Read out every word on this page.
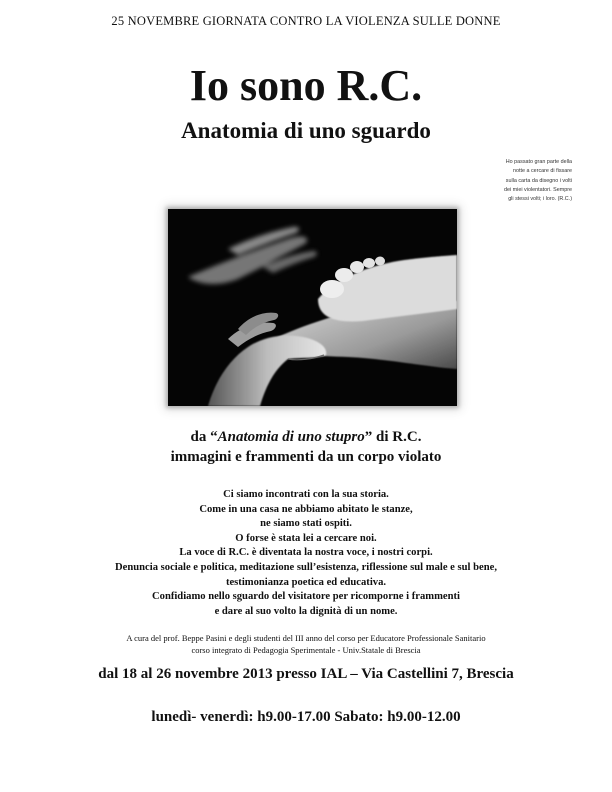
25 NOVEMBRE GIORNATA CONTRO LA VIOLENZA SULLE DONNE
Io sono R.C.
Anatomia di uno sguardo
Ho passato gran parte della
notte a cercare di fissare
sulla carta da disegno i volti
dei miei violentatori. Sempre
gli stessi volti; i loro. (R.C.)
da “Anatomia di uno stupro” di R.C.
immagini e frammenti da un corpo violato
Ci siamo incontrati con la sua storia.
Come in una casa ne abbiamo abitato le stanze,
ne siamo stati ospiti.
O forse è stata lei a cercare noi.
La voce di R.C. è diventata la nostra voce, i nostri corpi.
Denuncia sociale e politica, meditazione sull’esistenza, riflessione sul male e sul bene,
testimonianza poetica ed educativa.
Confidiamo nello sguardo del visitatore per ricomporne i frammenti
e dare al suo volto la dignità di un nome.
A cura del prof. Beppe Pasini e degli studenti del III anno del corso per Educatore Professionale Sanitario
corso integrato di Pedagogia Sperimentale - Univ.Statale di Brescia
dal 18 al 26 novembre 2013 presso IAL – Via Castellini 7, Brescia
lunedì- venerdì: h9.00-17.00 Sabato: h9.00-12.00
